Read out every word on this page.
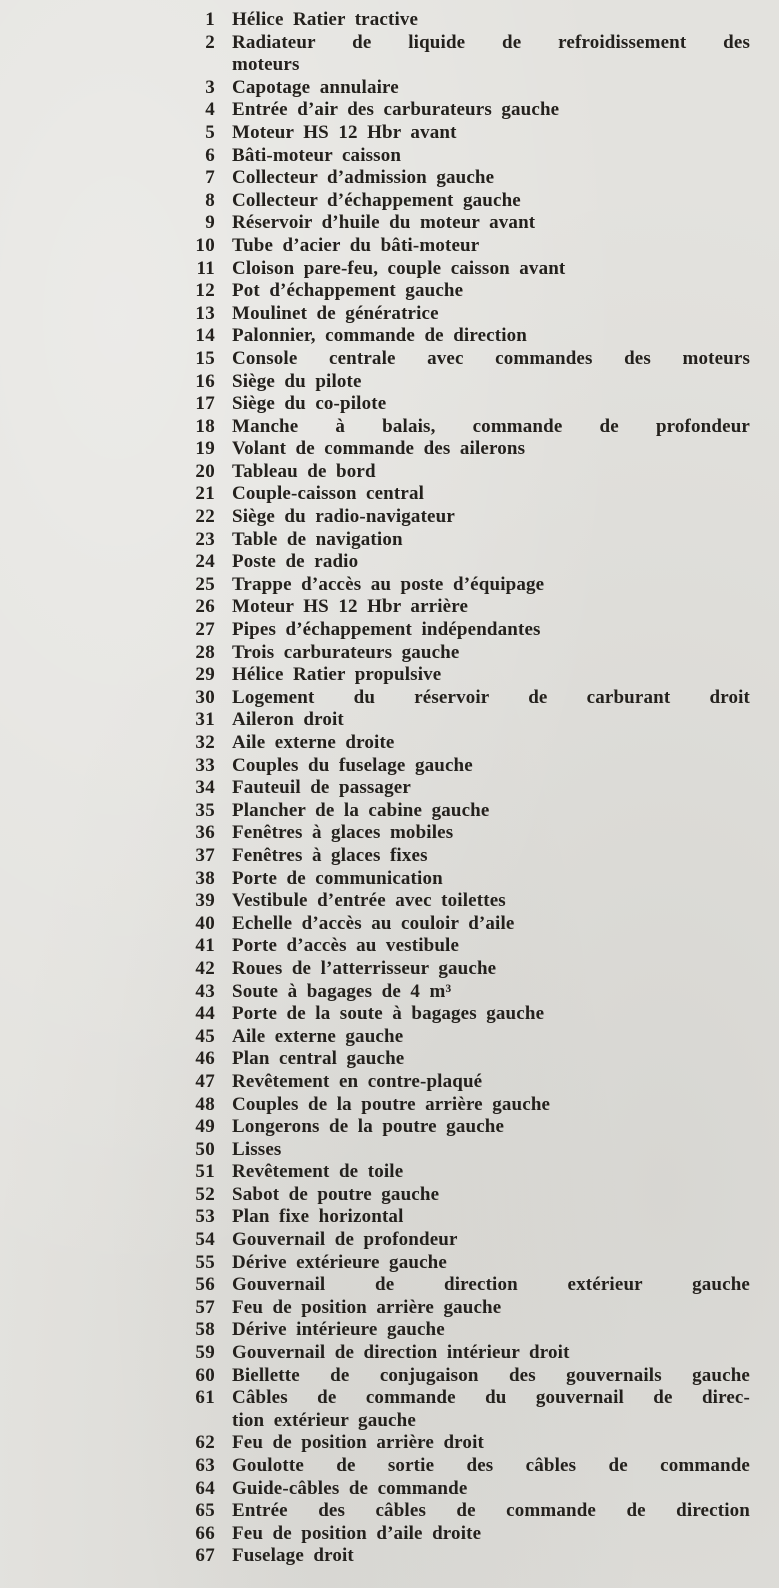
1 Hélice Ratier tractive
2 Radiateur de liquide de refroidissement des
moteurs
3 Capotage annulaire
4 Entrée d’air des carburateurs gauche
5 Moteur HS 12 Hbr avant
6 Bâti-moteur caisson
7 Collecteur d’admission gauche
8 Collecteur d’échappement gauche
9 Réservoir d’huile du moteur avant
10 Tube d’acier du bâti-moteur
11 Cloison pare-feu, couple caisson avant
12 Pot d’échappement gauche
13 Moulinet de génératrice
14 Palonnier, commande de direction
15 Console centrale avec commandes des moteurs
16 Siège du pilote
17 Siège du co-pilote
18 Manche à balais, commande de profondeur
19 Volant de commande des ailerons
20 Tableau de bord
21 Couple-caisson central
22 Siège du radio-navigateur
23 Table de navigation
24 Poste de radio
25 Trappe d’accès au poste d’équipage
26 Moteur HS 12 Hbr arrière
27 Pipes d’échappement indépendantes
28 Trois carburateurs gauche
29 Hélice Ratier propulsive
30 Logement du réservoir de carburant droit
31 Aileron droit
32 Aile externe droite
33 Couples du fuselage gauche
34 Fauteuil de passager
35 Plancher de la cabine gauche
36 Fenêtres à glaces mobiles
37 Fenêtres à glaces fixes
38 Porte de communication
39 Vestibule d’entrée avec toilettes
40 Echelle d’accès au couloir d’aile
41 Porte d’accès au vestibule
42 Roues de l’atterrisseur gauche
43 Soute à bagages de 4 m³
44 Porte de la soute à bagages gauche
45 Aile externe gauche
46 Plan central gauche
47 Revêtement en contre-plaqué
48 Couples de la poutre arrière gauche
49 Longerons de la poutre gauche
50 Lisses
51 Revêtement de toile
52 Sabot de poutre gauche
53 Plan fixe horizontal
54 Gouvernail de profondeur
55 Dérive extérieure gauche
56 Gouvernail de direction extérieur gauche
57 Feu de position arrière gauche
58 Dérive intérieure gauche
59 Gouvernail de direction intérieur droit
60 Biellette de conjugaison des gouvernails gauche
61 Câbles de commande du gouvernail de direc-
tion extérieur gauche
62 Feu de position arrière droit
63 Goulotte de sortie des câbles de commande
64 Guide-câbles de commande
65 Entrée des câbles de commande de direction
66 Feu de position d’aile droite
67 Fuselage droit
